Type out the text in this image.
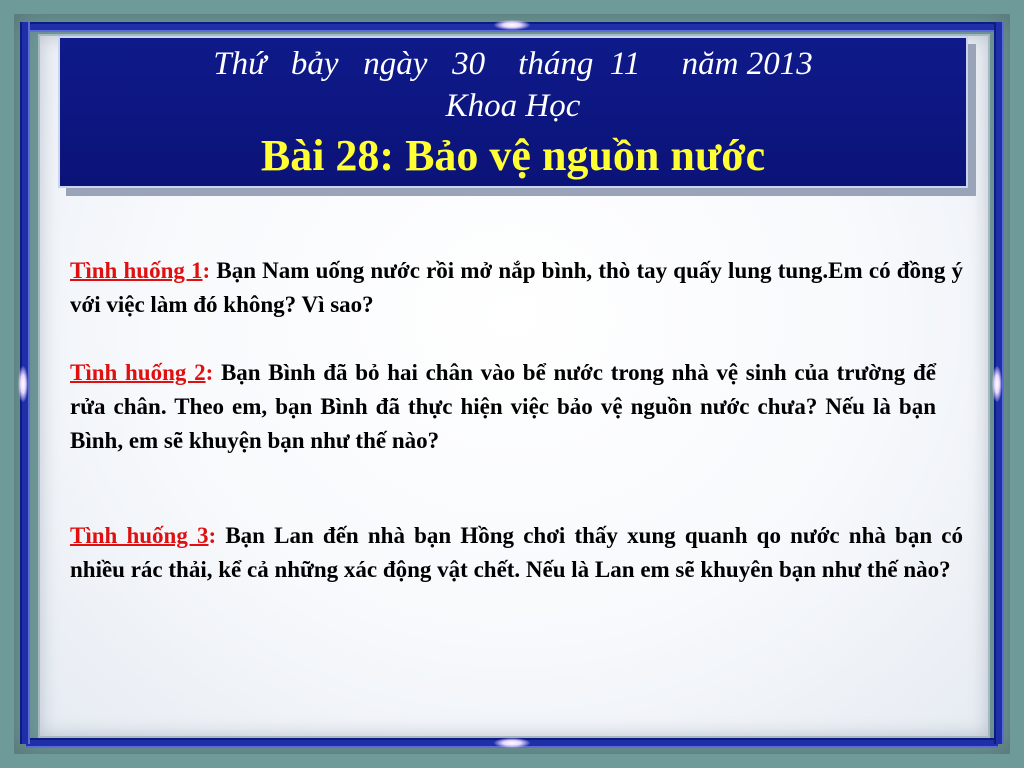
Thứ   bảy   ngày   30    tháng  11     năm 2013
Khoa Học
Bài 28: Bảo vệ nguồn nước

Tình huống 1: Bạn Nam uống nước rồi mở nắp bình, thò tay quấy lung tung.Em có đồng ý với việc làm đó không? Vì sao?

Tình huống 2: Bạn Bình đã bỏ hai chân vào bể nước trong nhà vệ sinh của trường để rửa chân. Theo em, bạn Bình đã thực hiện việc bảo vệ nguồn nước chưa? Nếu là bạn Bình, em sẽ khuyện bạn như thế nào?

Tình huống 3: Bạn Lan đến nhà bạn Hồng chơi thấy xung quanh qo nước nhà bạn có nhiều rác thải, kể cả những xác động vật chết. Nếu là Lan em sẽ khuyên bạn như thế nào?
